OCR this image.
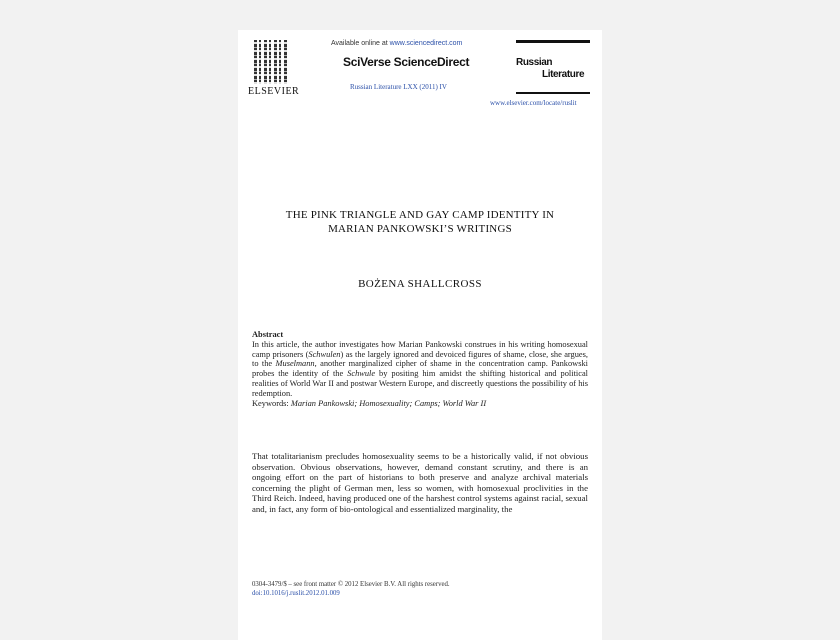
ELSEVIER
Available online at www.sciencedirect.com
SciVerse ScienceDirect
Russian Literature LXX (2011) IV
Russian
Literature
www.elsevier.com/locate/ruslit
THE PINK TRIANGLE AND GAY CAMP IDENTITY IN
MARIAN PANKOWSKI’S WRITINGS
BOŻENA SHALLCROSS
Abstract

In this article, the author investigates how Marian Pankowski construes in his writing homosexual camp prisoners (Schwulen) as the largely ignored and devoiced figures of shame, close, she argues, to the Muselmann, another marginalized cipher of shame in the concentration camp. Pankowski probes the identity of the Schwule by positing him amidst the shifting historical and political realities of World War II and postwar Western Europe, and discreetly questions the possibility of his redemption.

Keywords: Marian Pankowski; Homosexuality; Camps; World War II

That totalitarianism precludes homosexuality seems to be a historically valid, if not obvious observation. Obvious observations, however, demand constant scrutiny, and there is an ongoing effort on the part of historians to both preserve and analyze archival materials concerning the plight of German men, less so women, with homosexual proclivities in the Third Reich. Indeed, having produced one of the harshest control systems against racial, sexual and, in fact, any form of bio-ontological and essentialized marginality, the

0304-3479/$ – see front matter © 2012 Elsevier B.V. All rights reserved.
doi:10.1016/j.ruslit.2012.01.009
